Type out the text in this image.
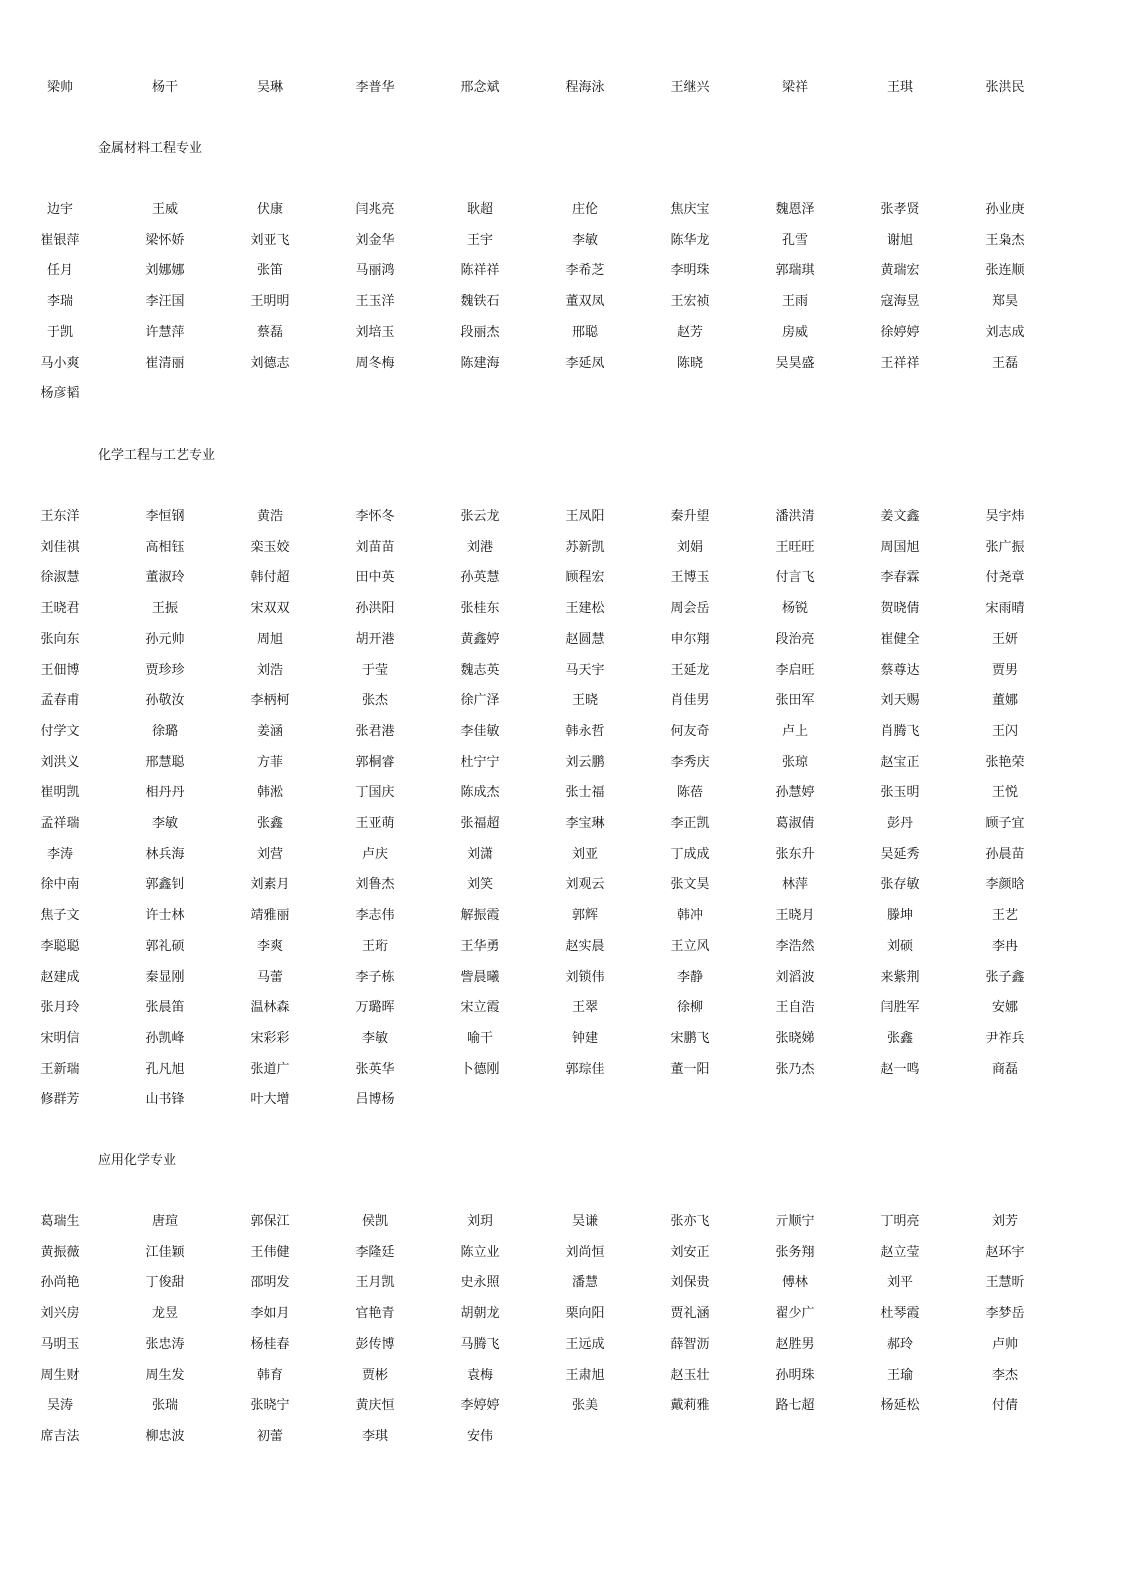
梁帅	杨干	吴琳	李普华	邢念斌	程海泳	王继兴	梁祥	王琪	张洪民
金属材料工程专业
边宇	王威	伏康	闫兆亮	耿超	庄伦	焦庆宝	魏恩泽	张孝贤	孙业庚
崔银萍	梁怀娇	刘亚飞	刘金华	王宇	李敏	陈华龙	孔雪	谢旭	王枭杰
任月	刘娜娜	张笛	马丽鸿	陈祥祥	李希芝	李明珠	郭瑞琪	黄瑞宏	张连顺
李瑞	李汪国	王明明	王玉洋	魏铁石	董双凤	王宏祯	王雨	寇海昱	郑昊
于凯	许慧萍	蔡磊	刘培玉	段丽杰	邢聪	赵芳	房威	徐婷婷	刘志成
马小爽	崔清丽	刘德志	周冬梅	陈建海	李延凤	陈晓	吴昊盛	王祥祥	王磊
杨彦韬
化学工程与工艺专业
王东洋	李恒钢	黄浩	李怀冬	张云龙	王凤阳	秦升望	潘洪清	姜文鑫	吴宇炜
刘佳祺	高相钰	栾玉姣	刘苗苗	刘港	苏新凯	刘娟	王旺旺	周国旭	张广振
徐淑慧	董淑玲	韩付超	田中英	孙英慧	顾程宏	王博玉	付言飞	李春霖	付尧章
王晓君	王振	宋双双	孙洪阳	张桂东	王建松	周会岳	杨锐	贺晓倩	宋雨晴
张向东	孙元帅	周旭	胡开港	黄鑫婷	赵圆慧	申尔翔	段治亮	崔健全	王妍
王佃博	贾珍珍	刘浩	于莹	魏志英	马天宇	王延龙	李启旺	蔡尊达	贾男
孟春甫	孙敬汝	李柄柯	张杰	徐广泽	王晓	肖佳男	张田军	刘天赐	董娜
付学文	徐璐	姜涵	张君港	李佳敏	韩永哲	何友奇	卢上	肖腾飞	王闪
刘洪义	邢慧聪	方菲	郭桐睿	杜宁宁	刘云鹏	李秀庆	张琼	赵宝正	张艳荣
崔明凯	相丹丹	韩淞	丁国庆	陈成杰	张士福	陈蓓	孙慧婷	张玉明	王悦
孟祥瑞	李敏	张鑫	王亚萌	张福超	李宝琳	李正凯	葛淑倩	彭丹	顾子宜
李涛	林兵海	刘营	卢庆	刘潇	刘亚	丁成成	张东升	吴延秀	孙晨苗
徐中南	郭鑫钊	刘素月	刘鲁杰	刘笑	刘观云	张文昊	林萍	张存敏	李颜晗
焦子文	许士林	靖雅丽	李志伟	解振霞	郭辉	韩冲	王晓月	滕坤	王艺
李聪聪	郭礼硕	李爽	王珩	王华勇	赵实晨	王立风	李浩然	刘硕	李冉
赵建成	秦显刚	马蕾	李子栋	訾晨曦	刘锁伟	李静	刘滔波	来紫荆	张子鑫
张月玲	张晨笛	温林森	万璐晖	宋立霞	王翠	徐柳	王自浩	闫胜军	安娜
宋明信	孙凯峰	宋彩彩	李敏	喻干	钟建	宋鹏飞	张晓娣	张鑫	尹祚兵
王新瑞	孔凡旭	张道广	张英华	卜德刚	郭琮佳	董一阳	张乃杰	赵一鸣	商磊
修群芳	山书锋	叶大增	吕博杨
应用化学专业
葛瑞生	唐瑄	郭保江	侯凯	刘玥	吴谦	张亦飞	亓顺宁	丁明亮	刘芳
黄振薇	江佳颖	王伟健	李隆廷	陈立业	刘尚恒	刘安正	张务翔	赵立莹	赵环宇
孙尚艳	丁俊甜	邵明发	王月凯	史永照	潘慧	刘保贵	傅林	刘平	王慧昕
刘兴房	龙昱	李如月	官艳青	胡朝龙	栗向阳	贾礼涵	翟少广	杜琴霞	李梦岳
马明玉	张忠涛	杨桂春	彭传博	马腾飞	王远成	薛智沥	赵胜男	郝玲	卢帅
周生财	周生发	韩育	贾彬	袁梅	王肃旭	赵玉壮	孙明珠	王瑜	李杰
吴涛	张瑞	张晓宁	黄庆恒	李婷婷	张美	戴莉雅	路七超	杨延松	付倩
席吉法	柳忠波	初蕾	李琪	安伟
